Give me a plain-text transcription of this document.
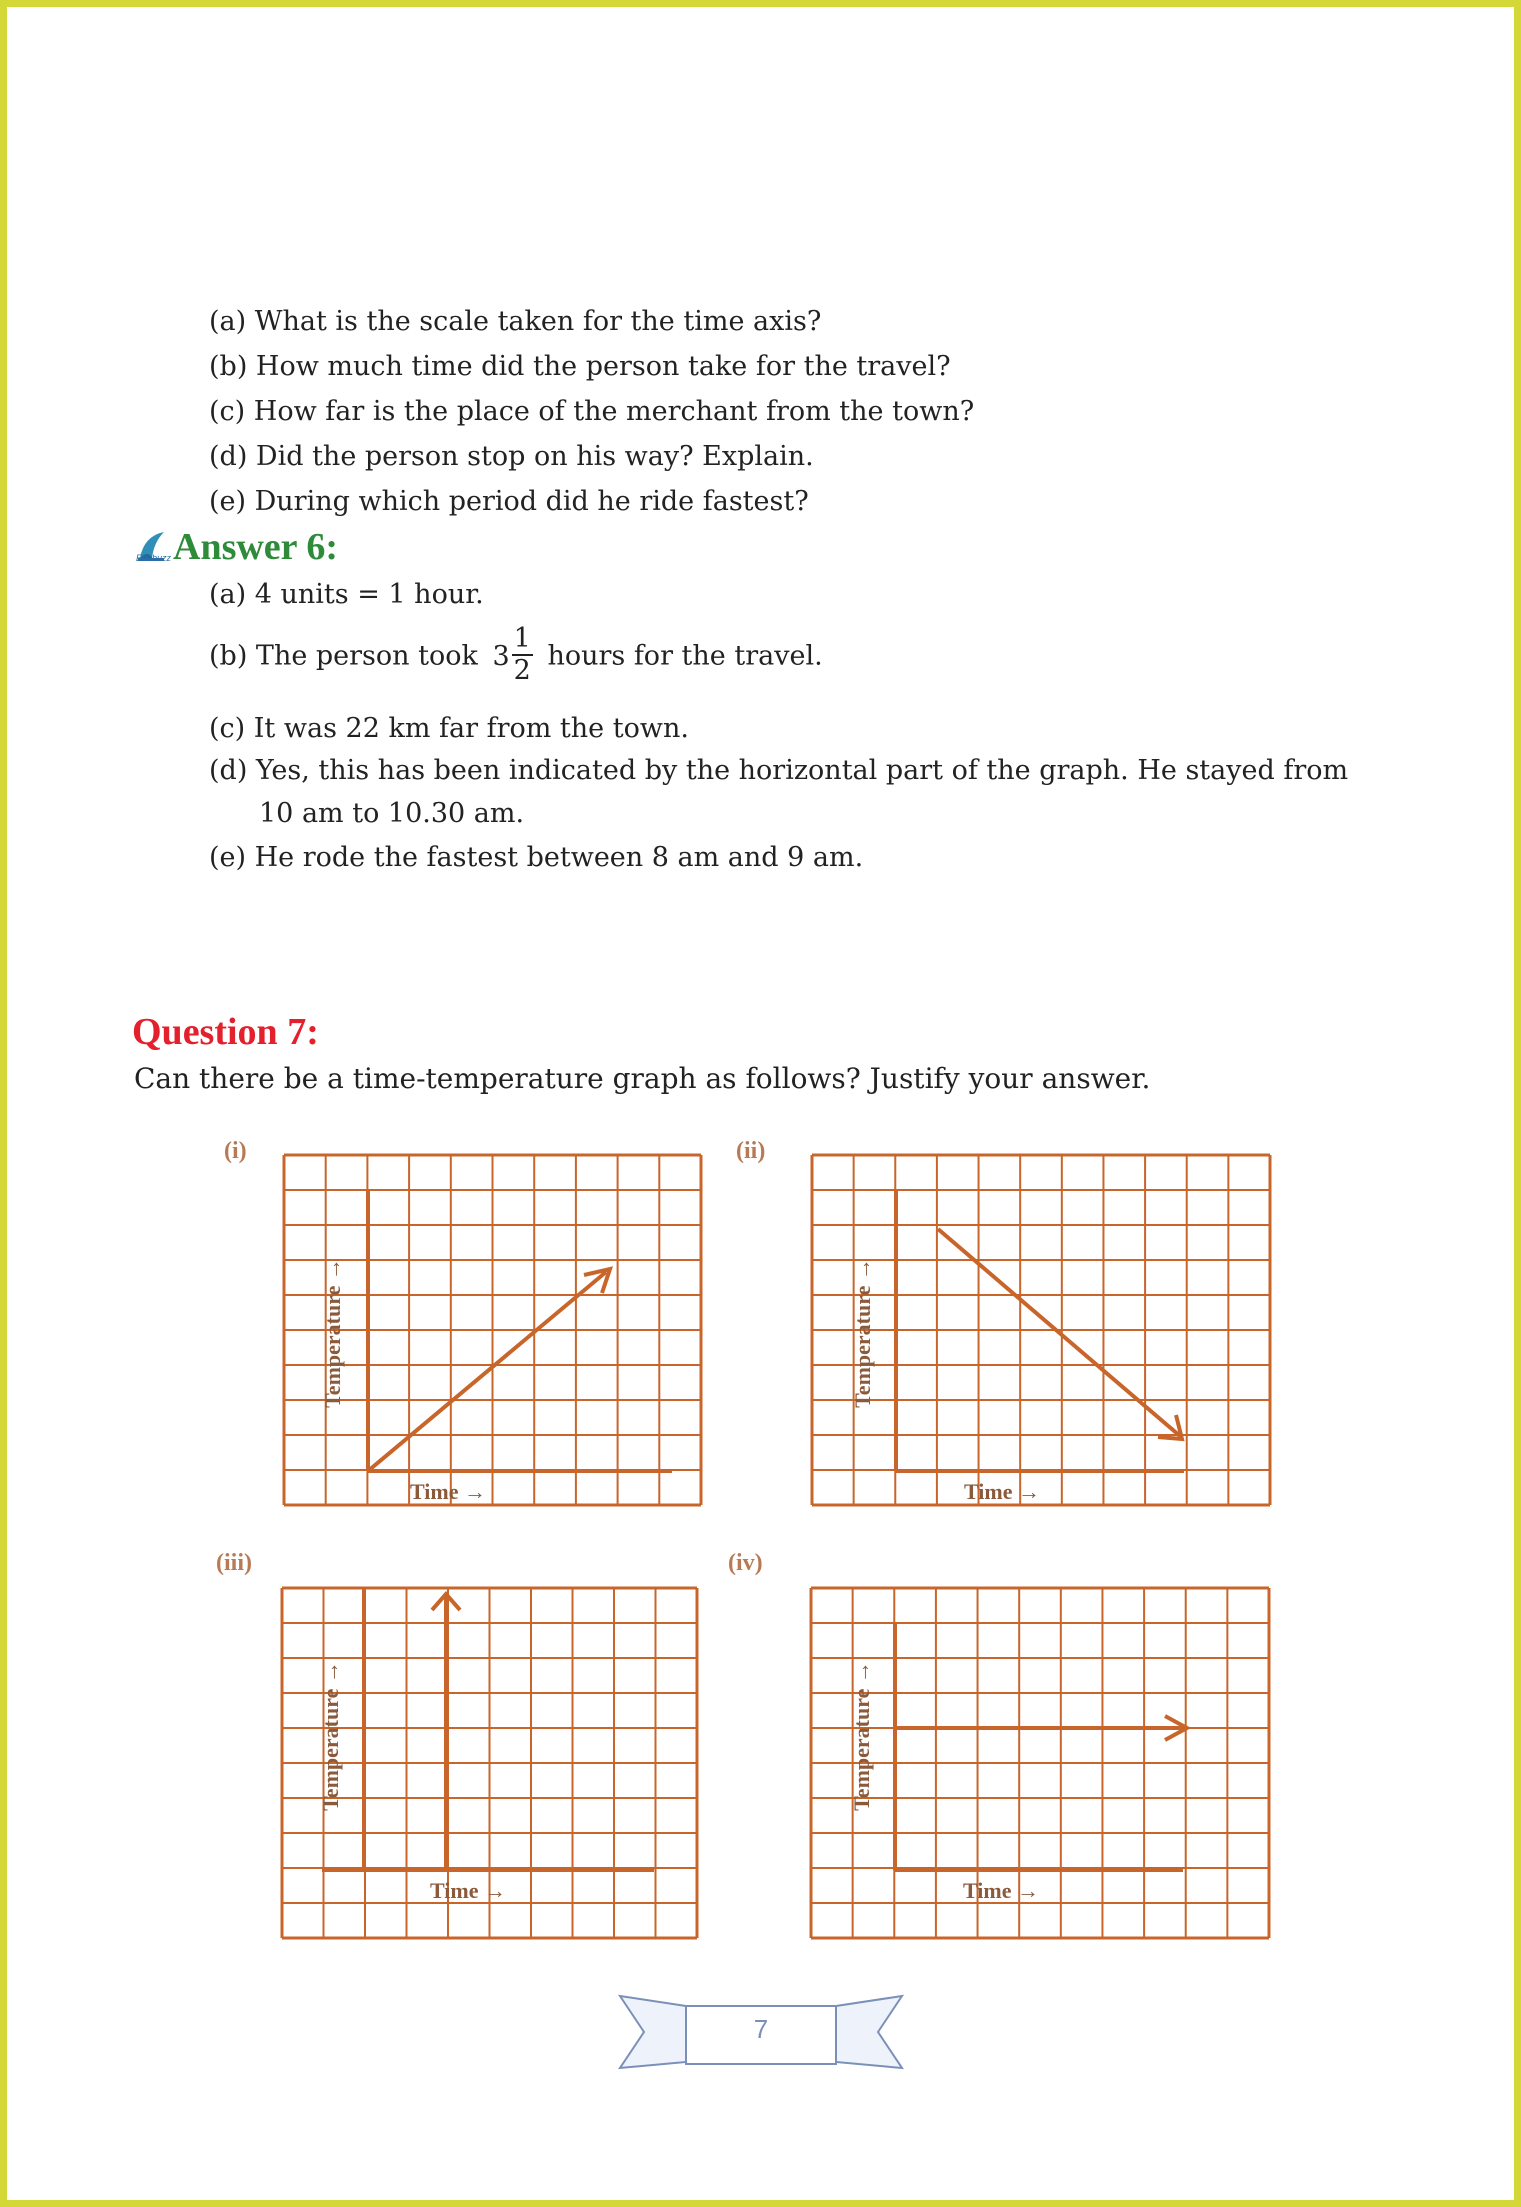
(a) What is the scale taken for the time axis?
(b) How much time did the person take for the travel?
(c) How far is the place of the merchant from the town?
(d) Did the person stop on his way? Explain.
(e) During which period did he ride fastest?
Edubuzz Answer 6:
(a) 4 units = 1 hour.
(b) The person took $3 \frac{1}{2}$ hours for the travel.
(c) It was 22 km far from the town.
(d) Yes, this has been indicated by the horizontal part of the graph. He stayed from
10 am to 10.30 am.
(e) He rode the fastest between 8 am and 9 am.
Question 7:
Can there be a time-temperature graph as follows? Justify your answer.
(i)	(ii)
(iii)	(iv)
Temperature →
Time →
Temperature →
Time →
Temperature →
Time →
Temperature →
Time →
7
